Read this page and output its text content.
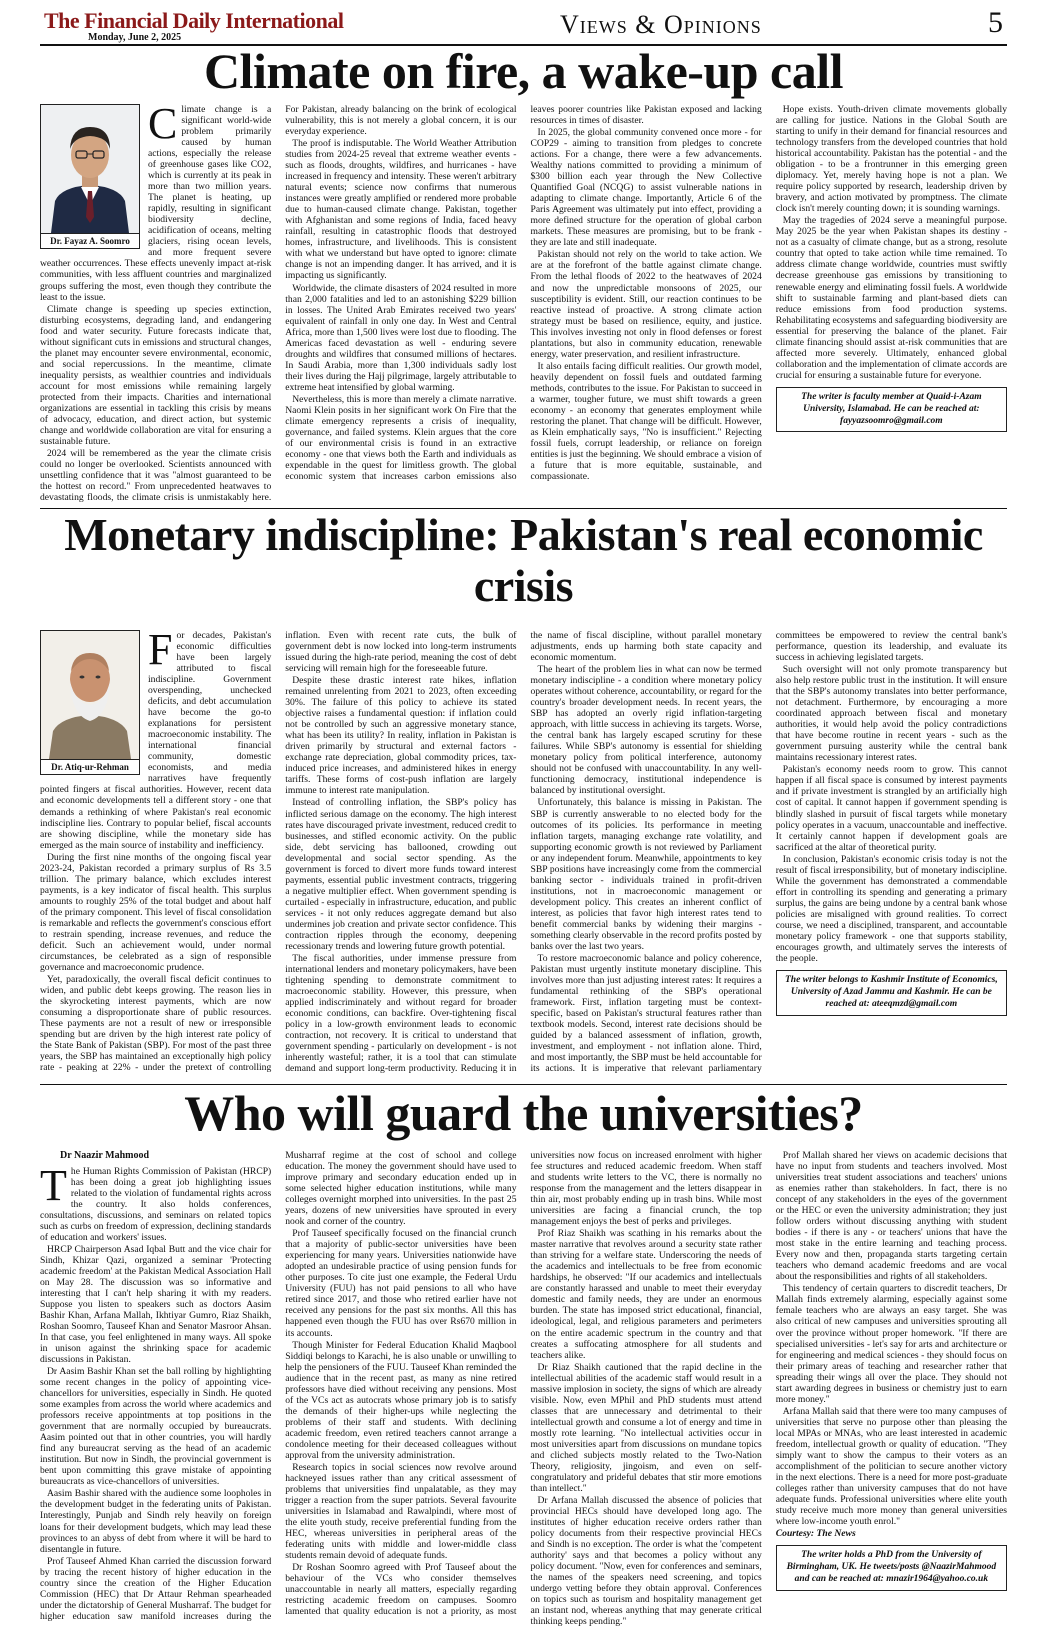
The Financial Daily International
Monday, June 2, 2025	Views & Opinions	5
Climate on fire, a wake-up call
Dr. Fayaz A. Soomro

Climate change is a significant world-wide problem primarily caused by human actions, especially the release of greenhouse gases like CO2, which is currently at its peak in more than two million years. The planet is heating, up rapidly, resulting in significant biodiversity decline, acidification of oceans, melting glaciers, rising ocean levels, and more frequent severe weather occurrences. These effects unevenly impact at-risk communities, with less affluent countries and marginalized groups suffering the most, even though they contribute the least to the issue.

Climate change is speeding up species extinction, disturbing ecosystems, degrading land, and endangering food and water security. Future forecasts indicate that, without significant cuts in emissions and structural changes, the planet may encounter severe environmental, economic, and social repercussions. In the meantime, climate inequality persists, as wealthier countries and individuals account for most emissions while remaining largely protected from their impacts. Charities and international organizations are essential in tackling this crisis by means of advocacy, education, and direct action, but systemic change and worldwide collaboration are vital for ensuring a sustainable future.

2024 will be remembered as the year the climate crisis could no longer be overlooked. Scientists announced with unsettling confidence that it was "almost guaranteed to be the hottest on record." From unprecedented heatwaves to devastating floods, the climate crisis is unmistakably here. For Pakistan, already balancing on the brink of ecological vulnerability, this is not merely a global concern, it is our everyday experience.

The proof is indisputable. The World Weather Attribution studies from 2024-25 reveal that extreme weather events - such as floods, droughts, wildfires, and hurricanes - have increased in frequency and intensity. These weren't arbitrary natural events; science now confirms that numerous instances were greatly amplified or rendered more probable due to human-caused climate change. Pakistan, together with Afghanistan and some regions of India, faced heavy rainfall, resulting in catastrophic floods that destroyed homes, infrastructure, and livelihoods. This is consistent with what we understand but have opted to ignore: climate change is not an impending danger. It has arrived, and it is impacting us significantly.

Worldwide, the climate disasters of 2024 resulted in more than 2,000 fatalities and led to an astonishing $229 billion in losses. The United Arab Emirates received two years' equivalent of rainfall in only one day. In West and Central Africa, more than 1,500 lives were lost due to flooding. The Americas faced devastation as well - enduring severe droughts and wildfires that consumed millions of hectares. In Saudi Arabia, more than 1,300 individuals sadly lost their lives during the Hajj pilgrimage, largely attributable to extreme heat intensified by global warming.

Nevertheless, this is more than merely a climate narrative. Naomi Klein posits in her significant work On Fire that the climate emergency represents a crisis of inequality, governance, and failed systems. Klein argues that the core of our environmental crisis is found in an extractive economy - one that views both the Earth and individuals as expendable in the quest for limitless growth. The global economic system that increases carbon emissions also leaves poorer countries like Pakistan exposed and lacking resources in times of disaster.

In 2025, the global community convened once more - for COP29 - aiming to transition from pledges to concrete actions. For a change, there were a few advancements. Wealthy nations committed to providing a minimum of $300 billion each year through the New Collective Quantified Goal (NCQG) to assist vulnerable nations in adapting to climate change. Importantly, Article 6 of the Paris Agreement was ultimately put into effect, providing a more defined structure for the operation of global carbon markets. These measures are promising, but to be frank - they are late and still inadequate.

Pakistan should not rely on the world to take action. We are at the forefront of the battle against climate change. From the lethal floods of 2022 to the heatwaves of 2024 and now the unpredictable monsoons of 2025, our susceptibility is evident. Still, our reaction continues to be reactive instead of proactive. A strong climate action strategy must be based on resilience, equity, and justice. This involves investing not only in flood defenses or forest plantations, but also in community education, renewable energy, water preservation, and resilient infrastructure.

It also entails facing difficult realities. Our growth model, heavily dependent on fossil fuels and outdated farming methods, contributes to the issue. For Pakistan to succeed in a warmer, tougher future, we must shift towards a green economy - an economy that generates employment while restoring the planet. That change will be difficult. However, as Klein emphatically says, "No is insufficient." Rejecting fossil fuels, corrupt leadership, or reliance on foreign entities is just the beginning. We should embrace a vision of a future that is more equitable, sustainable, and compassionate.

Hope exists. Youth-driven climate movements globally are calling for justice. Nations in the Global South are starting to unify in their demand for financial resources and technology transfers from the developed countries that hold historical accountability. Pakistan has the potential - and the obligation - to be a frontrunner in this emerging green diplomacy. Yet, merely having hope is not a plan. We require policy supported by research, leadership driven by bravery, and action motivated by promptness. The climate clock isn't merely counting down; it is sounding warnings.

May the tragedies of 2024 serve a meaningful purpose. May 2025 be the year when Pakistan shapes its destiny - not as a casualty of climate change, but as a strong, resolute country that opted to take action while time remained. To address climate change worldwide, countries must swiftly decrease greenhouse gas emissions by transitioning to renewable energy and eliminating fossil fuels. A worldwide shift to sustainable farming and plant-based diets can reduce emissions from food production systems. Rehabilitating ecosystems and safeguarding biodiversity are essential for preserving the balance of the planet. Fair climate financing should assist at-risk communities that are affected more severely. Ultimately, enhanced global collaboration and the implementation of climate accords are crucial for ensuring a sustainable future for everyone.

The writer is faculty member at Quaid-i-Azam University, Islamabad. He can be reached at: fayyazsoomro@gmail.com
Monetary indiscipline: Pakistan's real economic crisis
Dr. Atiq-ur-Rehman

For decades, Pakistan's economic difficulties have been largely attributed to fiscal indiscipline. Government overspending, unchecked deficits, and debt accumulation have become the go-to explanations for persistent macroeconomic instability. The international financial community, domestic economists, and media narratives have frequently pointed fingers at fiscal authorities. However, recent data and economic developments tell a different story - one that demands a rethinking of where Pakistan's real economic indiscipline lies. Contrary to popular belief, fiscal accounts are showing discipline, while the monetary side has emerged as the main source of instability and inefficiency.

During the first nine months of the ongoing fiscal year 2023-24, Pakistan recorded a primary surplus of Rs 3.5 trillion. The primary balance, which excludes interest payments, is a key indicator of fiscal health. This surplus amounts to roughly 25% of the total budget and about half of the primary component. This level of fiscal consolidation is remarkable and reflects the government's conscious effort to restrain spending, increase revenues, and reduce the deficit. Such an achievement would, under normal circumstances, be celebrated as a sign of responsible governance and macroeconomic prudence.

Yet, paradoxically, the overall fiscal deficit continues to widen, and public debt keeps growing. The reason lies in the skyrocketing interest payments, which are now consuming a disproportionate share of public resources. These payments are not a result of new or irresponsible spending but are driven by the high interest rate policy of the State Bank of Pakistan (SBP). For most of the past three years, the SBP has maintained an exceptionally high policy rate - peaking at 22% - under the pretext of controlling inflation. Even with recent rate cuts, the bulk of government debt is now locked into long-term instruments issued during the high-rate period, meaning the cost of debt servicing will remain high for the foreseeable future.

Despite these drastic interest rate hikes, inflation remained unrelenting from 2021 to 2023, often exceeding 30%. The failure of this policy to achieve its stated objective raises a fundamental question: if inflation could not be controlled by such an aggressive monetary stance, what has been its utility? In reality, inflation in Pakistan is driven primarily by structural and external factors - exchange rate depreciation, global commodity prices, tax-induced price increases, and administered hikes in energy tariffs. These forms of cost-push inflation are largely immune to interest rate manipulation.

Instead of controlling inflation, the SBP's policy has inflicted serious damage on the economy. The high interest rates have discouraged private investment, reduced credit to businesses, and stifled economic activity. On the public side, debt servicing has ballooned, crowding out developmental and social sector spending. As the government is forced to divert more funds toward interest payments, essential public investment contracts, triggering a negative multiplier effect. When government spending is curtailed - especially in infrastructure, education, and public services - it not only reduces aggregate demand but also undermines job creation and private sector confidence. This contraction ripples through the economy, deepening recessionary trends and lowering future growth potential.

The fiscal authorities, under immense pressure from international lenders and monetary policymakers, have been tightening spending to demonstrate commitment to macroeconomic stability. However, this pressure, when applied indiscriminately and without regard for broader economic conditions, can backfire. Over-tightening fiscal policy in a low-growth environment leads to economic contraction, not recovery. It is critical to understand that government spending - particularly on development - is not inherently wasteful; rather, it is a tool that can stimulate demand and support long-term productivity. Reducing it in the name of fiscal discipline, without parallel monetary adjustments, ends up harming both state capacity and economic momentum.

The heart of the problem lies in what can now be termed monetary indiscipline - a condition where monetary policy operates without coherence, accountability, or regard for the country's broader development needs. In recent years, the SBP has adopted an overly rigid inflation-targeting approach, with little success in achieving its targets. Worse, the central bank has largely escaped scrutiny for these failures. While SBP's autonomy is essential for shielding monetary policy from political interference, autonomy should not be confused with unaccountability. In any well-functioning democracy, institutional independence is balanced by institutional oversight.

Unfortunately, this balance is missing in Pakistan. The SBP is currently answerable to no elected body for the outcomes of its policies. Its performance in meeting inflation targets, managing exchange rate volatility, and supporting economic growth is not reviewed by Parliament or any independent forum. Meanwhile, appointments to key SBP positions have increasingly come from the commercial banking sector - individuals trained in profit-driven institutions, not in macroeconomic management or development policy. This creates an inherent conflict of interest, as policies that favor high interest rates tend to benefit commercial banks by widening their margins - something clearly observable in the record profits posted by banks over the last two years.

To restore macroeconomic balance and policy coherence, Pakistan must urgently institute monetary discipline. This involves more than just adjusting interest rates: It requires a fundamental rethinking of the SBP's operational framework. First, inflation targeting must be context-specific, based on Pakistan's structural features rather than textbook models. Second, interest rate decisions should be guided by a balanced assessment of inflation, growth, investment, and employment - not inflation alone. Third, and most importantly, the SBP must be held accountable for its actions. It is imperative that relevant parliamentary committees be empowered to review the central bank's performance, question its leadership, and evaluate its success in achieving legislated targets.

Such oversight will not only promote transparency but also help restore public trust in the institution. It will ensure that the SBP's autonomy translates into better performance, not detachment. Furthermore, by encouraging a more coordinated approach between fiscal and monetary authorities, it would help avoid the policy contradictions that have become routine in recent years - such as the government pursuing austerity while the central bank maintains recessionary interest rates.

Pakistan's economy needs room to grow. This cannot happen if all fiscal space is consumed by interest payments and if private investment is strangled by an artificially high cost of capital. It cannot happen if government spending is blindly slashed in pursuit of fiscal targets while monetary policy operates in a vacuum, unaccountable and ineffective. It certainly cannot happen if development goals are sacrificed at the altar of theoretical purity.

In conclusion, Pakistan's economic crisis today is not the result of fiscal irresponsibility, but of monetary indiscipline. While the government has demonstrated a commendable effort in controlling its spending and generating a primary surplus, the gains are being undone by a central bank whose policies are misaligned with ground realities. To correct course, we need a disciplined, transparent, and accountable monetary policy framework - one that supports stability, encourages growth, and ultimately serves the interests of the people.

The writer belongs to Kashmir Institute of Economics, University of Azad Jammu and Kashmir. He can be reached at: ateeqmzd@gmail.com
Who will guard the universities?
Dr Naazir Mahmood

The Human Rights Commission of Pakistan (HRCP) has been doing a great job highlighting issues related to the violation of fundamental rights across the country. It also holds conferences, consultations, discussions, and seminars on related topics such as curbs on freedom of expression, declining standards of education and workers' issues.

HRCP Chairperson Asad Iqbal Butt and the vice chair for Sindh, Khizar Qazi, organized a seminar 'Protecting academic freedom' at the Pakistan Medical Association Hall on May 28. The discussion was so informative and interesting that I can't help sharing it with my readers. Suppose you listen to speakers such as doctors Aasim Bashir Khan, Arfana Mallah, Ikhtiyar Gumro, Riaz Shaikh, Roshan Soomro, Tauseef Khan and Senator Masroor Ahsan. In that case, you feel enlightened in many ways. All spoke in unison against the shrinking space for academic discussions in Pakistan.

Dr Aasim Bashir Khan set the ball rolling by highlighting some recent changes in the policy of appointing vice-chancellors for universities, especially in Sindh. He quoted some examples from across the world where academics and professors receive appointments at top positions in the government that are normally occupied by bureaucrats. Aasim pointed out that in other countries, you will hardly find any bureaucrat serving as the head of an academic institution. But now in Sindh, the provincial government is bent upon committing this grave mistake of appointing bureaucrats as vice-chancellors of universities.

Aasim Bashir shared with the audience some loopholes in the development budget in the federating units of Pakistan. Interestingly, Punjab and Sindh rely heavily on foreign loans for their development budgets, which may lead these provinces to an abyss of debt from where it will be hard to disentangle in future.

Prof Tauseef Ahmed Khan carried the discussion forward by tracing the recent history of higher education in the country since the creation of the Higher Education Commission (HEC) that Dr Attaur Rehman spearheaded under the dictatorship of General Musharraf. The budget for higher education saw manifold increases during the Musharraf regime at the cost of school and college education. The money the government should have used to improve primary and secondary education ended up in some selected higher education institutions, while many colleges overnight morphed into universities. In the past 25 years, dozens of new universities have sprouted in every nook and corner of the country.

Prof Tauseef specifically focused on the financial crunch that a majority of public-sector universities have been experiencing for many years. Universities nationwide have adopted an undesirable practice of using pension funds for other purposes. To cite just one example, the Federal Urdu University (FUU) has not paid pensions to all who have retired since 2017, and those who retired earlier have not received any pensions for the past six months. All this has happened even though the FUU has over Rs670 million in its accounts.

Though Minister for Federal Education Khalid Maqbool Siddiqi belongs to Karachi, he is also unable or unwilling to help the pensioners of the FUU. Tauseef Khan reminded the audience that in the recent past, as many as nine retired professors have died without receiving any pensions. Most of the VCs act as autocrats whose primary job is to satisfy the demands of their higher-ups while neglecting the problems of their staff and students. With declining academic freedom, even retired teachers cannot arrange a condolence meeting for their deceased colleagues without approval from the university administration.

Research topics in social sciences now revolve around hackneyed issues rather than any critical assessment of problems that universities find unpalatable, as they may trigger a reaction from the super patriots. Several favourite universities in Islamabad and Rawalpindi, where most of the elite youth study, receive preferential funding from the HEC, whereas universities in peripheral areas of the federating units with middle and lower-middle class students remain devoid of adequate funds.

Dr Roshan Soomro agreed with Prof Tauseef about the behaviour of the VCs who consider themselves unaccountable in nearly all matters, especially regarding restricting academic freedom on campuses. Soomro lamented that quality education is not a priority, as most universities now focus on increased enrolment with higher fee structures and reduced academic freedom. When staff and students write letters to the VC, there is normally no response from the management and the letters disappear in thin air, most probably ending up in trash bins. While most universities are facing a financial crunch, the top management enjoys the best of perks and privileges.

Prof Riaz Shaikh was scathing in his remarks about the master narrative that revolves around a security state rather than striving for a welfare state. Underscoring the needs of the academics and intellectuals to be free from economic hardships, he observed: "If our academics and intellectuals are constantly harassed and unable to meet their everyday domestic and family needs, they are under an enormous burden. The state has imposed strict educational, financial, ideological, legal, and religious parameters and perimeters on the entire academic spectrum in the country and that creates a suffocating atmosphere for all students and teachers alike.

Dr Riaz Shaikh cautioned that the rapid decline in the intellectual abilities of the academic staff would result in a massive implosion in society, the signs of which are already visible. Now, even MPhil and PhD students must attend classes that are unnecessary and detrimental to their intellectual growth and consume a lot of energy and time in mostly rote learning. "No intellectual activities occur in most universities apart from discussions on mundane topics and cliched subjects mostly related to the Two-Nation Theory, religiosity, jingoism, and even on self-congratulatory and prideful debates that stir more emotions than intellect."

Dr Arfana Mallah discussed the absence of policies that provincial HECs should have developed long ago. The institutes of higher education receive orders rather than policy documents from their respective provincial HECs and Sindh is no exception. The order is what the 'competent authority' says and that becomes a policy without any policy document. "Now, even for conferences and seminars, the names of the speakers need screening, and topics undergo vetting before they obtain approval. Conferences on topics such as tourism and hospitality management get an instant nod, whereas anything that may generate critical thinking keeps pending."

Prof Mallah shared her views on academic decisions that have no input from students and teachers involved. Most universities treat student associations and teachers' unions as enemies rather than stakeholders. In fact, there is no concept of any stakeholders in the eyes of the government or the HEC or even the university administration; they just follow orders without discussing anything with student bodies - if there is any - or teachers' unions that have the most stake in the entire learning and teaching process. Every now and then, propaganda starts targeting certain teachers who demand academic freedoms and are vocal about the responsibilities and rights of all stakeholders.

This tendency of certain quarters to discredit teachers, Dr Mallah finds extremely alarming, especially against some female teachers who are always an easy target. She was also critical of new campuses and universities sprouting all over the province without proper homework. "If there are specialised universities - let's say for arts and architecture or for engineering and medical sciences - they should focus on their primary areas of teaching and researcher rather that spreading their wings all over the place. They should not start awarding degrees in business or chemistry just to earn more money."

Arfana Mallah said that there were too many campuses of universities that serve no purpose other than pleasing the local MPAs or MNAs, who are least interested in academic freedom, intellectual growth or quality of education. "They simply want to show the campus to their voters as an accomplishment of the politician to secure another victory in the next elections. There is a need for more post-graduate colleges rather than university campuses that do not have adequate funds. Professional universities where elite youth study receive much more money than general universities where low-income youth enrol."

Courtesy: The News

The writer holds a PhD from the University of Birmingham, UK. He tweets/posts @NaazirMahmood and can be reached at: mnazir1964@yahoo.co.uk
